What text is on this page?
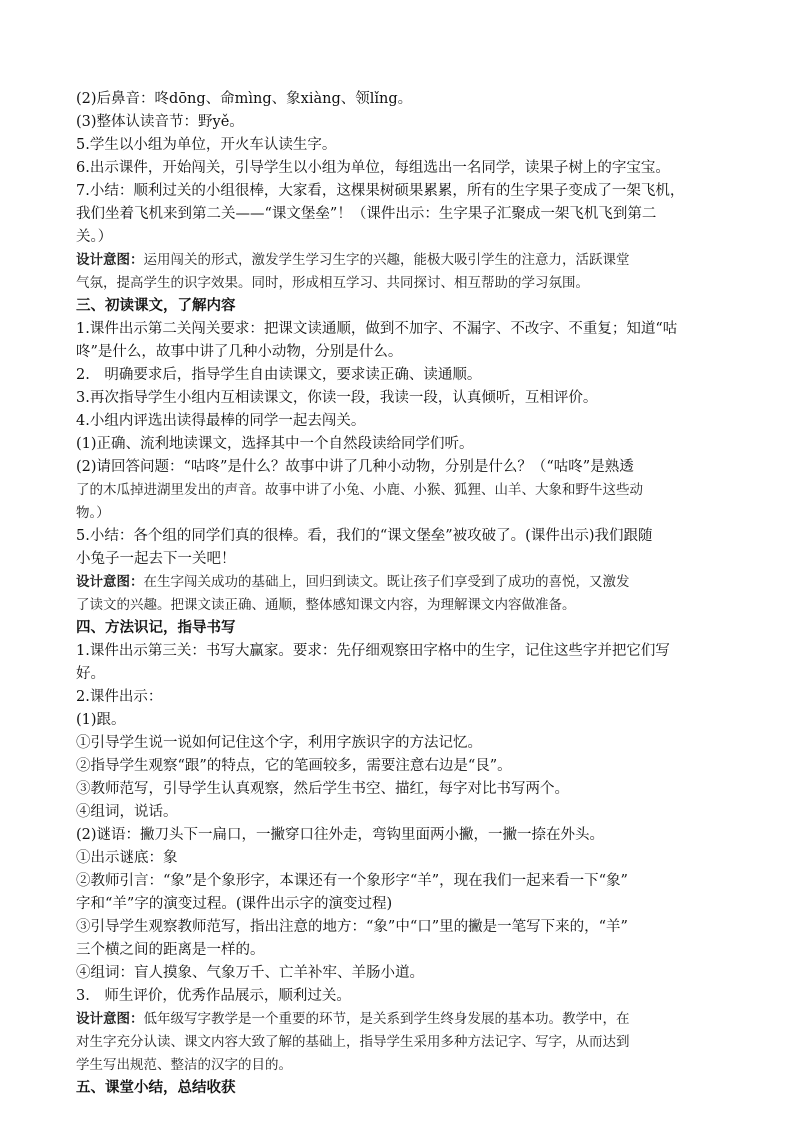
(2)后鼻音：咚dōng、命mìng、象xiàng、领lǐng。
(3)整体认读音节：野yě。
5.学生以小组为单位，开火车认读生字。
6.出示课件，开始闯关，引导学生以小组为单位，每组选出一名同学，读果子树上的字宝宝。
7.小结：顺利过关的小组很棒，大家看，这棵果树硕果累累，所有的生字果子变成了一架飞机，
我们坐着飞机来到第二关——“课文堡垒”！（课件出示：生字果子汇聚成一架飞机飞到第二
关。）
设计意图：运用闯关的形式，激发学生学习生字的兴趣，能极大吸引学生的注意力，活跃课堂
气氛，提高学生的识字效果。同时，形成相互学习、共同探讨、相互帮助的学习氛围。
三、初读课文，了解内容
1.课件出示第二关闯关要求：把课文读通顺，做到不加字、不漏字、不改字、不重复；知道“咕
咚”是什么，故事中讲了几种小动物，分别是什么。
2.　明确要求后，指导学生自由读课文，要求读正确、读通顺。
3.再次指导学生小组内互相读课文，你读一段，我读一段，认真倾听，互相评价。
4.小组内评选出读得最棒的同学一起去闯关。
(1)正确、流利地读课文，选择其中一个自然段读给同学们听。
(2)请回答问题：“咕咚”是什么？故事中讲了几种小动物，分别是什么？（“咕咚”是熟透
了的木瓜掉进湖里发出的声音。故事中讲了小兔、小鹿、小猴、狐狸、山羊、大象和野牛这些动
物。）
5.小结：各个组的同学们真的很棒。看，我们的“课文堡垒”被攻破了。(课件出示)我们跟随
小兔子一起去下一关吧！
设计意图：在生字闯关成功的基础上，回归到读文。既让孩子们享受到了成功的喜悦，又激发
了读文的兴趣。把课文读正确、通顺，整体感知课文内容，为理解课文内容做准备。
四、方法识记，指导书写
1.课件出示第三关：书写大赢家。要求：先仔细观察田字格中的生字，记住这些字并把它们写
好。
2.课件出示：
(1)跟。
①引导学生说一说如何记住这个字，利用字族识字的方法记忆。
②指导学生观察“跟”的特点，它的笔画较多，需要注意右边是“艮”。
③教师范写，引导学生认真观察，然后学生书空、描红，每字对比书写两个。
④组词，说话。
(2)谜语：撇刀头下一扁口，一撇穿口往外走，弯钩里面两小撇，一撇一捺在外头。
①出示谜底：象
②教师引言：“象”是个象形字，本课还有一个象形字“羊”，现在我们一起来看一下“象”
字和“羊”字的演变过程。(课件出示字的演变过程)
③引导学生观察教师范写，指出注意的地方：“象”中“口”里的撇是一笔写下来的，“羊”
三个横之间的距离是一样的。
④组词：盲人摸象、气象万千、亡羊补牢、羊肠小道。
3.　师生评价，优秀作品展示，顺利过关。
设计意图：低年级写字教学是一个重要的环节，是关系到学生终身发展的基本功。教学中，在
对生字充分认读、课文内容大致了解的基础上，指导学生采用多种方法记字、写字，从而达到
学生写出规范、整洁的汉字的目的。
五、课堂小结，总结收获
